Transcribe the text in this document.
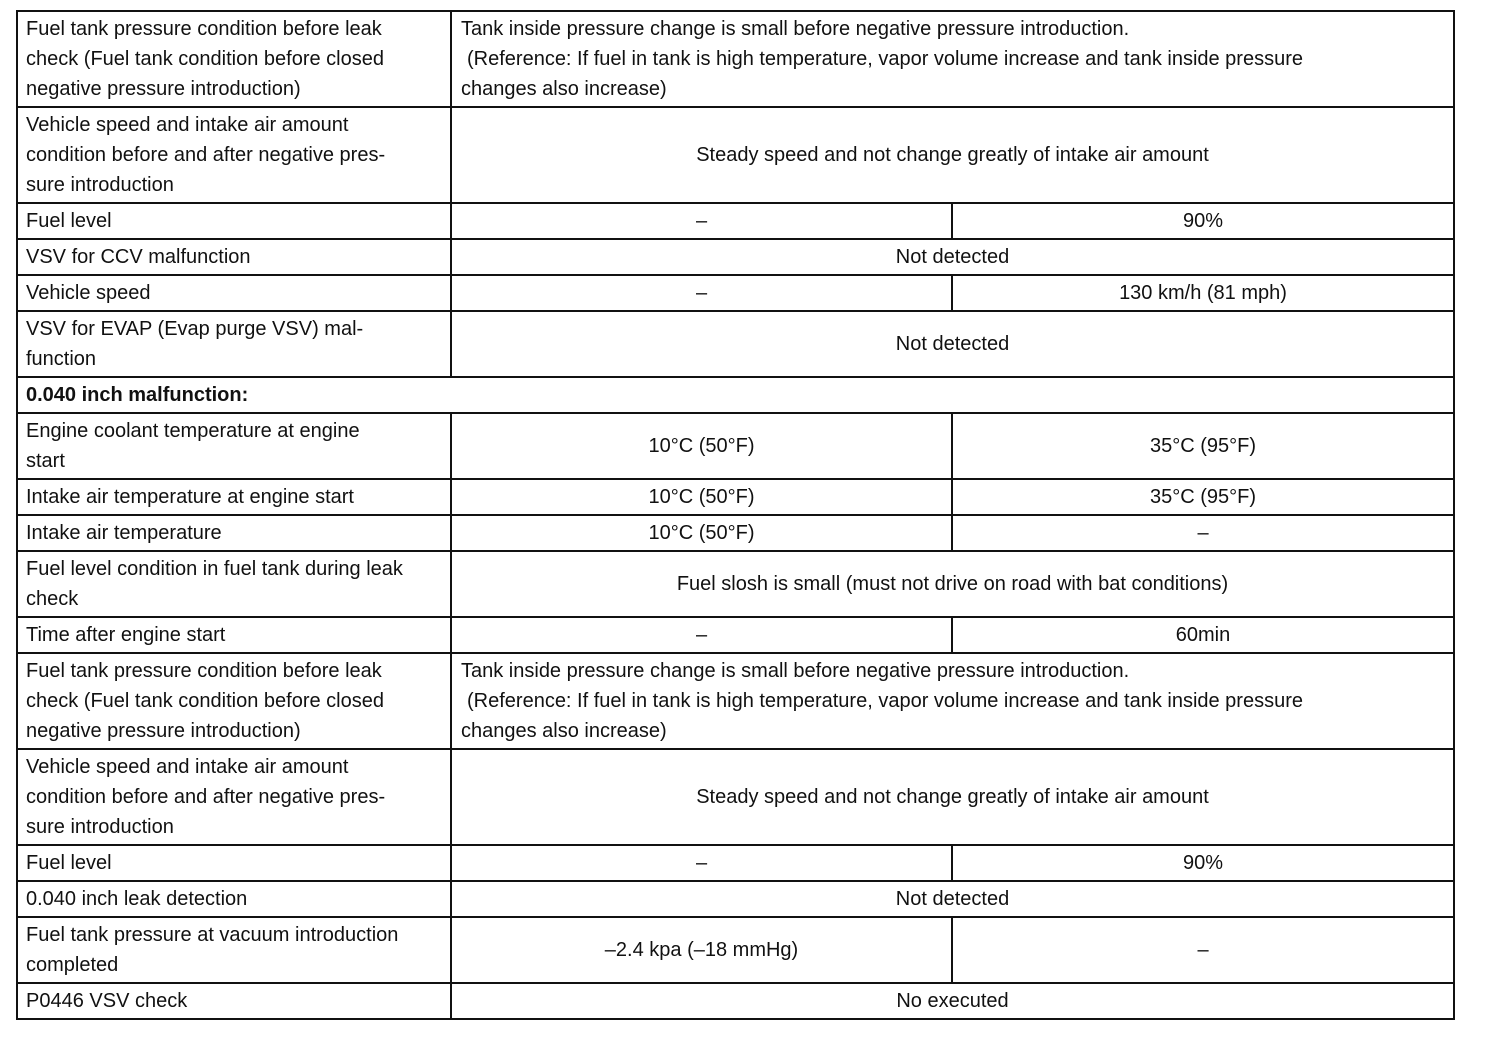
Fuel tank pressure condition before leak
check (Fuel tank condition before closed
negative pressure introduction)	Tank inside pressure change is small before negative pressure introduction.
(Reference: If fuel in tank is high temperature, vapor volume increase and tank inside pressure
changes also increase)	

Vehicle speed and intake air amount
condition before and after negative pres-
sure introduction	Steady speed and not change greatly of intake air amount	
Fuel level	–	90%
VSV for CCV malfunction	Not detected	
Vehicle speed	–	130 km/h (81 mph)

VSV for EVAP (Evap purge VSV) mal-
function	Not detected	
0.040 inch malfunction:		

Engine coolant temperature at engine
start	10°C (50°F)	35°C (95°F)
Intake air temperature at engine start	10°C (50°F)	35°C (95°F)
Intake air temperature	10°C (50°F)	–

Fuel level condition in fuel tank during leak
check	Fuel slosh is small (must not drive on road with bat conditions)	
Time after engine start	–	60min

Fuel tank pressure condition before leak
check (Fuel tank condition before closed
negative pressure introduction)	Tank inside pressure change is small before negative pressure introduction.
(Reference: If fuel in tank is high temperature, vapor volume increase and tank inside pressure
changes also increase)	

Vehicle speed and intake air amount
condition before and after negative pres-
sure introduction	Steady speed and not change greatly of intake air amount	
Fuel level	–	90%
0.040 inch leak detection	Not detected	

Fuel tank pressure at vacuum introduction
completed	–2.4 kpa (–18 mmHg)	–
P0446 VSV check	No executed	
